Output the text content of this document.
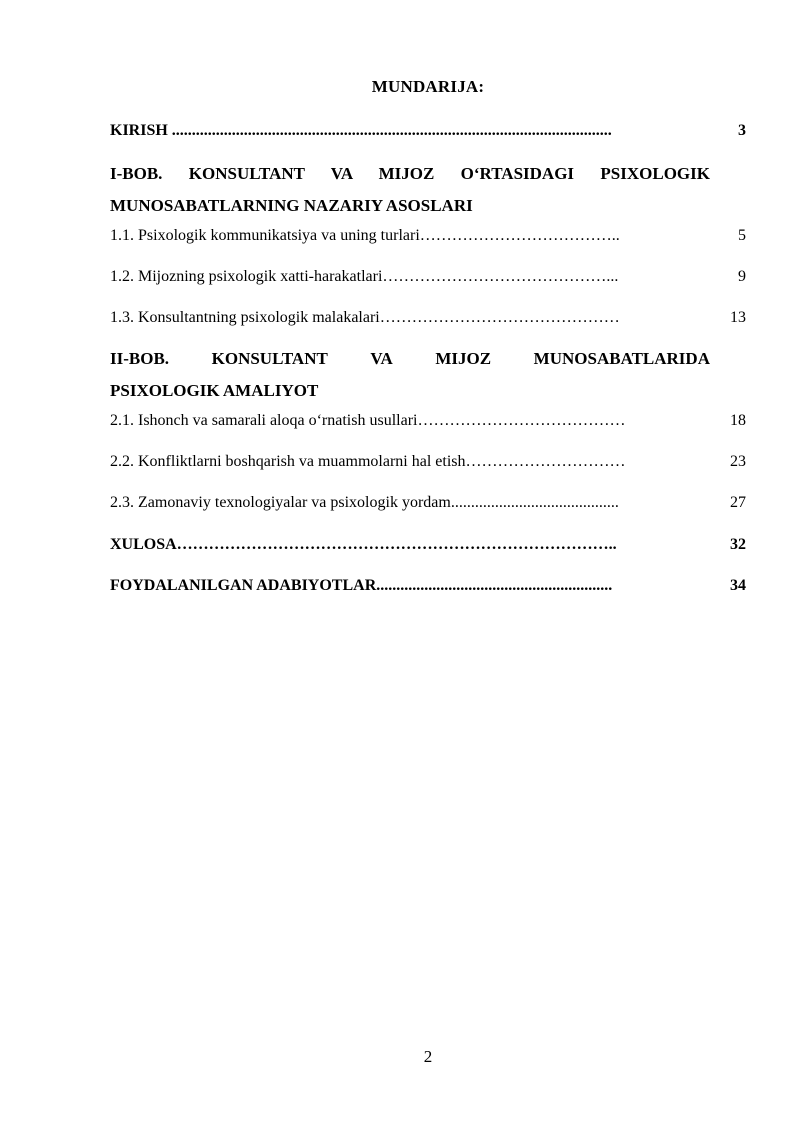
MUNDARIJA:
KIRISH ..............................................................................................................	3
I-BOB. KONSULTANT VA MIJOZ O‘RTASIDAGI PSIXOLOGIK
MUNOSABATLARNING NAZARIY ASOSLARI
1.1. Psixologik kommunikatsiya va uning turlari………………………………..	5
1.2. Mijozning psixologik xatti-harakatlari……………………………………...	9
1.3. Konsultantning psixologik malakalari………………………………………	13
II-BOB.	KONSULTANT	VA	MIJOZ	MUNOSABATLARIDA
PSIXOLOGIK AMALIYOT
2.1. Ishonch va samarali aloqa o‘rnatish usullari…………………………………	18
2.2. Konfliktlarni boshqarish va muammolarni hal etish…………………………	23
2.3. Zamonaviy texnologiyalar va psixologik yordam..........................................	27
XULOSA………………………………………………………………………..	32
FOYDALANILGAN ADABIYOTLAR...........................................................	34
2
